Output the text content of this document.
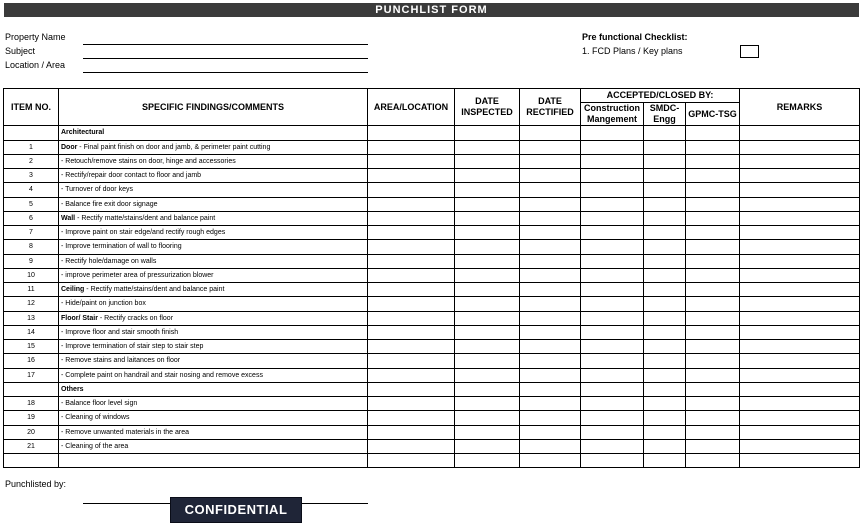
PUNCHLIST FORM
Property Name
Subject
Location / Area
Pre functional Checklist:
1. FCD Plans / Key plans
ITEM NO.	SPECIFIC FINDINGS/COMMENTS	AREA/LOCATION	DATE INSPECTED	DATE RECTIFIED	ACCEPTED/CLOSED BY:			REMARKS
					Construction Mangement	SMDC-Engg	GPMC-TSG	
	Architectural							
1	Door - Final paint finish on door and jamb, & perimeter paint cutting							
2	- Retouch/remove stains on door, hinge and accessories							
3	- Rectify/repair door contact to floor and jamb							
4	- Turnover of door keys							
5	- Balance fire exit door signage							
6	Wall - Rectify matte/stains/dent and balance paint							
7	- Improve paint on stair edge/and rectify rough edges							
8	- Improve termination of wall to flooring							
9	- Rectify hole/damage on walls							
10	- improve perimeter area of pressurization blower							
11	Ceiling - Rectify matte/stains/dent and balance paint							
12	- Hide/paint on junction box							
13	Floor/ Stair - Rectify cracks on floor							
14	- Improve floor and stair smooth finish							
15	- Improve termination of stair step to stair step							
16	- Remove stains and laitances on floor							
17	- Complete paint on handrail and stair nosing and remove excess							
	Others							
18	- Balance floor level sign							
19	- Cleaning of windows							
20	- Remove unwanted materials in the area							
21	- Cleaning of the area							

Punchlisted by:
CONFIDENTIAL
